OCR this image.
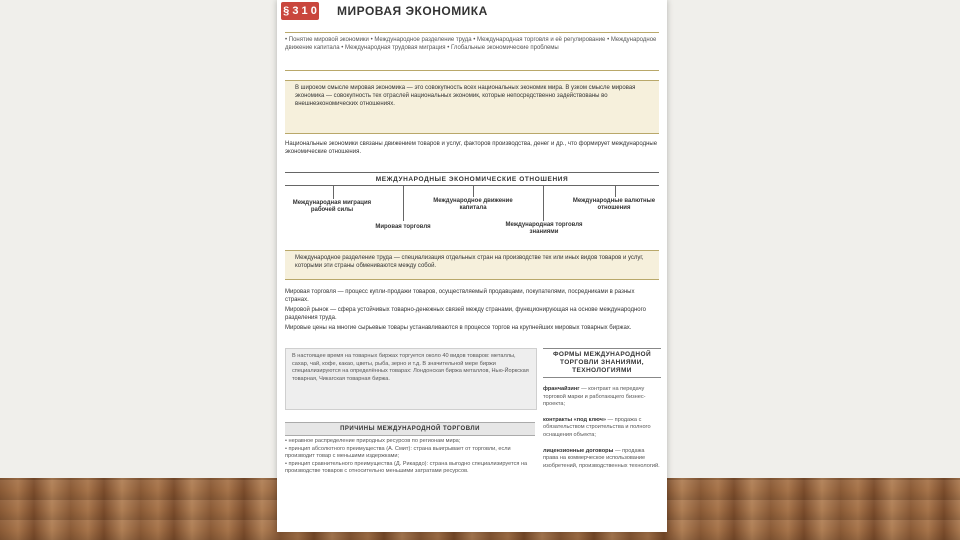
§ 3 1 0 МИРОВАЯ ЭКОНОМИКА
• Понятие мировой экономики • Международное разделение труда • Международная торговля и её регулирование • Международное движение капитала • Международная трудовая миграция • Глобальные экономические проблемы
В широком смысле мировая экономика — это совокупность всех национальных экономик мира. В узком смысле мировая экономика — совокупность тех отраслей национальных экономик, которые непосредственно задействованы во внешнеэкономических отношениях.
Национальные экономики связаны движением товаров и услуг, факторов производства, денег и др., что формирует международные экономические отношения.
МЕЖДУНАРОДНЫЕ ЭКОНОМИЧЕСКИЕ ОТНОШЕНИЯ
Международная миграция рабочей силы
Международное движение капитала
Международные валютные отношения
Мировая торговля	Международная торговля знаниями
Международное разделение труда — специализация отдельных стран на производстве тех или иных видов товаров и услуг, которыми эти страны обмениваются между собой.
Мировая торговля — процесс купли-продажи товаров, осуществляемый продавцами, покупателями, посредниками в разных странах.
Мировой рынок — сфера устойчивых товарно-денежных связей между странами, функционирующая на основе международного разделения труда.
Мировые цены на многие сырьевые товары устанавливаются в процессе торгов на крупнейших мировых товарных биржах.
В настоящее время на товарных биржах торгуется около 40 видов товаров: металлы, сахар, чай, кофе, какао, цветы, рыба, зерно и т.д. В значительной мере биржи специализируются на определённых товарах: Лондонская биржа металлов, Нью-Йоркская товарная, Чикагская товарная биржа.
ПРИЧИНЫ МЕЖДУНАРОДНОЙ ТОРГОВЛИ
• неравное распределение природных ресурсов по регионам мира;
• принцип абсолютного преимущества (А. Смит): страна выигрывает от торговли, если производит товар с меньшими издержками;
• принцип сравнительного преимущества (Д. Рикардо): страна выгодно специализируется на производстве товаров с относительно меньшими затратами ресурсов.
ФОРМЫ МЕЖДУНАРОДНОЙ ТОРГОВЛИ ЗНАНИЯМИ, ТЕХНОЛОГИЯМИ
франчайзинг — контракт на передачу торговой марки и работающего бизнес-проекта;
контракты «под ключ» — продажа с обязательством строительства и полного оснащения объекта;
лицензионные договоры — продажа права на коммерческое использование изобретений, производственных технологий.
